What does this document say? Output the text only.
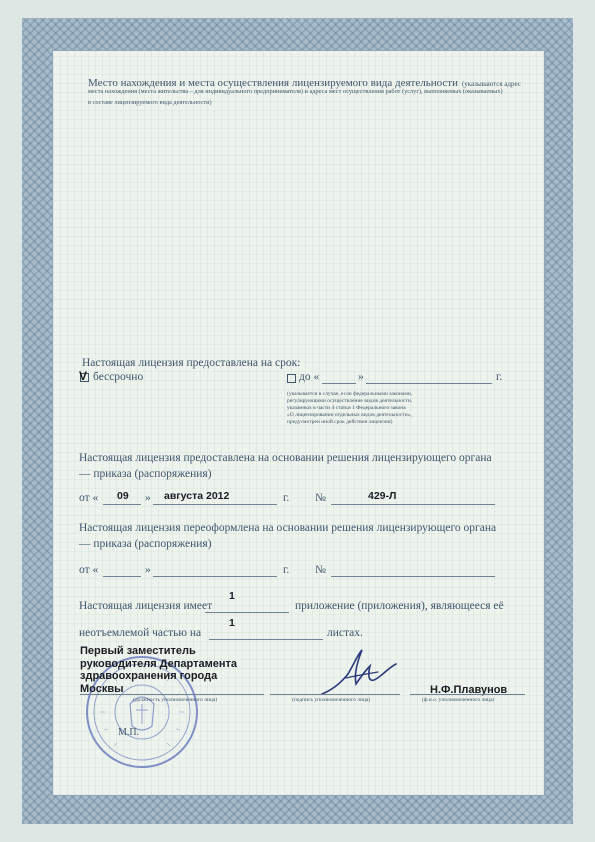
Место нахождения и места осуществления лицензируемого вида деятельности (указываются адрес
места нахождения (места жительства – для индивидуального предпринимателя) и адреса мест осуществления работ (услуг), выполняемых (оказываемых)
в составе лицензируемого вида деятельности)
Настоящая лицензия предоставлена на срок:
V бессрочно	до «	»	г.
(указывается в случае, если федеральными законами,
регулирующими осуществление видов деятельности,
указанных в части 4 статьи 1 Федерального закона
«О лицензировании отдельных видов деятельности»,
предусмотрен иной срок действия лицензии)
Настоящая лицензия предоставлена на основании решения лицензирующего органа
— приказа (распоряжения)
от « 09 » августа 2012	г. №	429-Л
Настоящая лицензия переоформлена на основании решения лицензирующего органа
— приказа (распоряжения)
от «	»	г. №
Настоящая лицензия имеет
1
приложение (приложения), являющееся её
неотъемлемой частью на
1
листах.
М.П.
Первый заместитель
руководителя Департамента
здравоохранения города
Москвы
(должность уполномоченного лица)	(подпись уполномоченного лица)
Н.Ф.Плавунов
(ф.и.о. уполномоченного лица)
